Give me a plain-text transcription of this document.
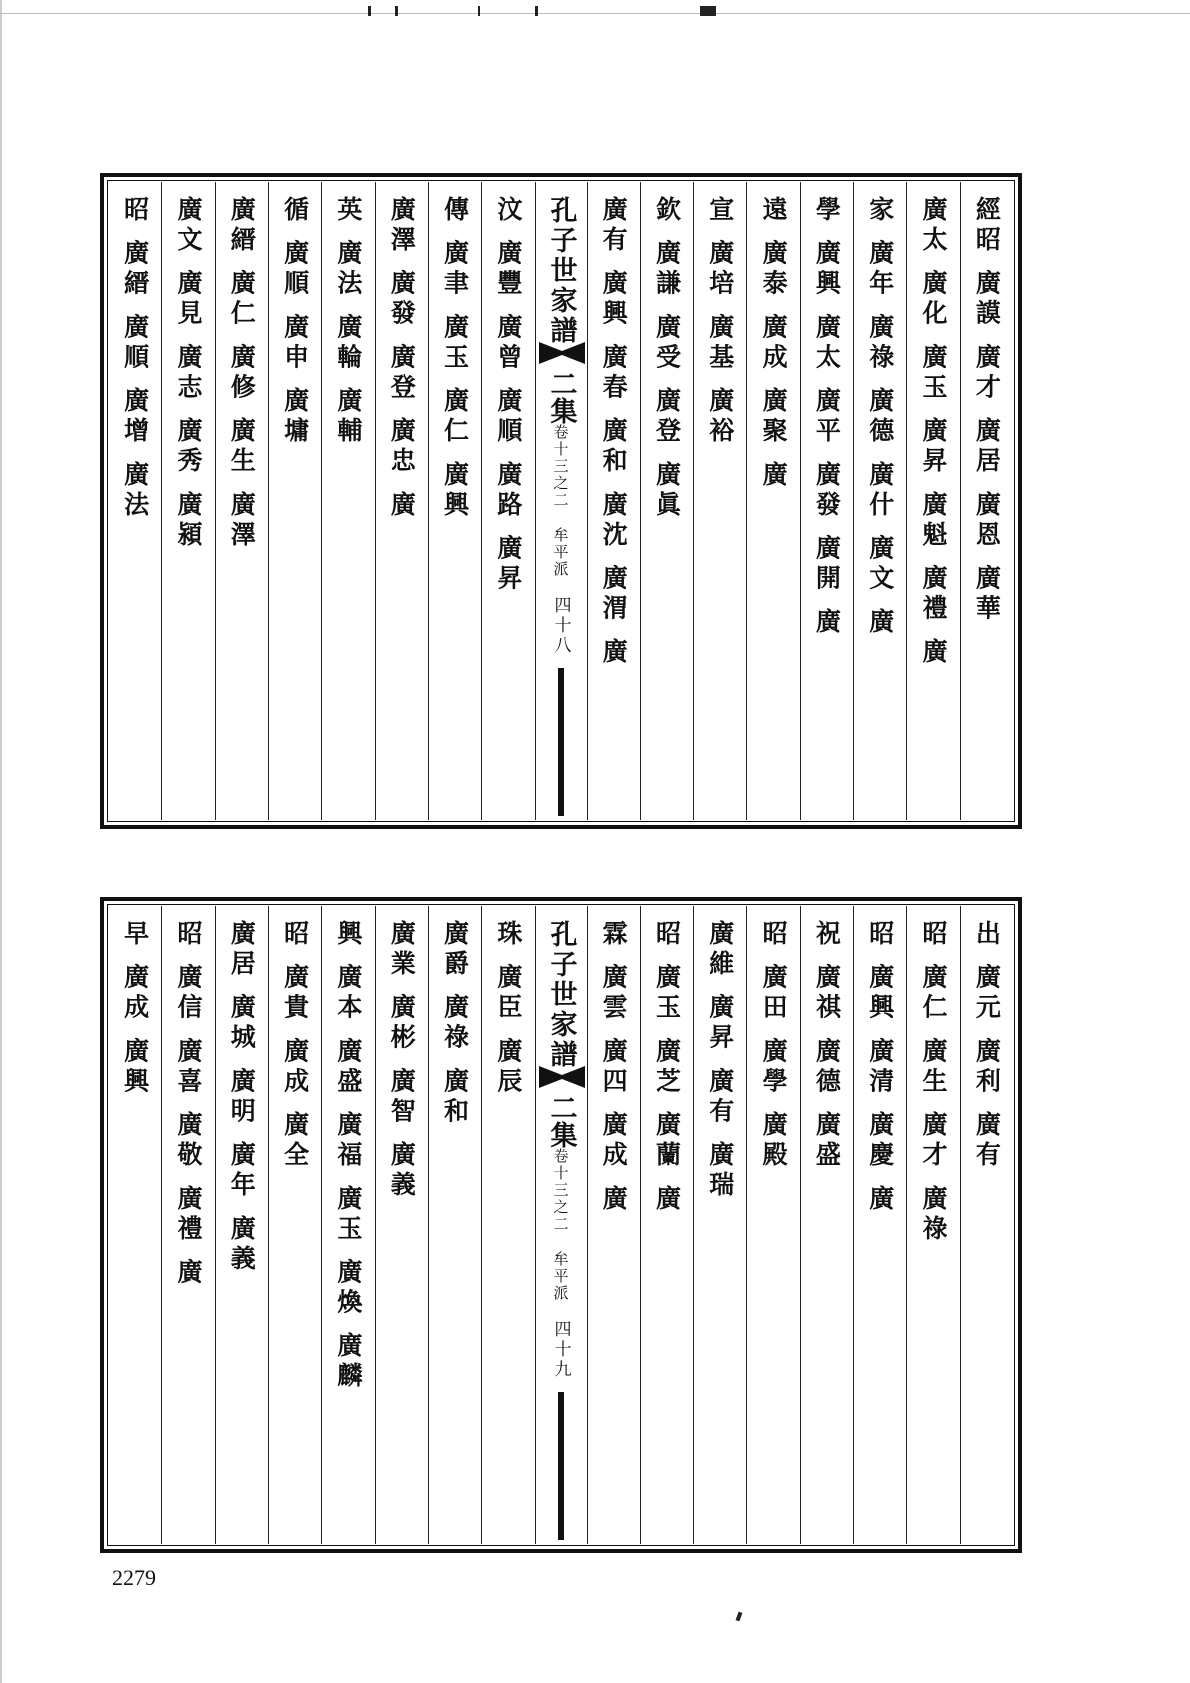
經昭 廣謨 廣才 廣居 廣恩 廣華
廣太 廣化 廣玉 廣昇 廣魁 廣禮 廣
家 廣年 廣祿 廣德 廣什 廣文 廣
學 廣興 廣太 廣平 廣發 廣開 廣
遠 廣泰 廣成 廣聚 廣
宣 廣培 廣基 廣裕
欽 廣謙 廣受 廣登 廣眞
廣有 廣興 廣春 廣和 廣沈 廣渭 廣
孔子世家譜
二集卷十三之二牟平派四十八
汶 廣豐 廣曾 廣順 廣路 廣昇
傳 廣聿 廣玉 廣仁 廣興
廣澤 廣發 廣登 廣忠 廣
英 廣法 廣輪 廣輔
循 廣順 廣申 廣墉
廣縉 廣仁 廣修 廣生 廣澤
廣文 廣見 廣志 廣秀 廣潁
昭 廣縉 廣順 廣增 廣法
出 廣元 廣利 廣有
昭 廣仁 廣生 廣才 廣祿
昭 廣興 廣清 廣慶 廣
祝 廣祺 廣德 廣盛
昭 廣田 廣學 廣殿
廣維 廣昇 廣有 廣瑞
昭 廣玉 廣芝 廣蘭 廣
霖 廣雲 廣四 廣成 廣
孔子世家譜
二集卷十三之二牟平派四十九
珠 廣臣 廣辰
廣爵 廣祿 廣和
廣業 廣彬 廣智 廣義
興 廣本 廣盛 廣福 廣玉 廣煥 廣麟
昭 廣貴 廣成 廣全
廣居 廣城 廣明 廣年 廣義
昭 廣信 廣喜 廣敬 廣禮 廣
早 廣成 廣興
2279
